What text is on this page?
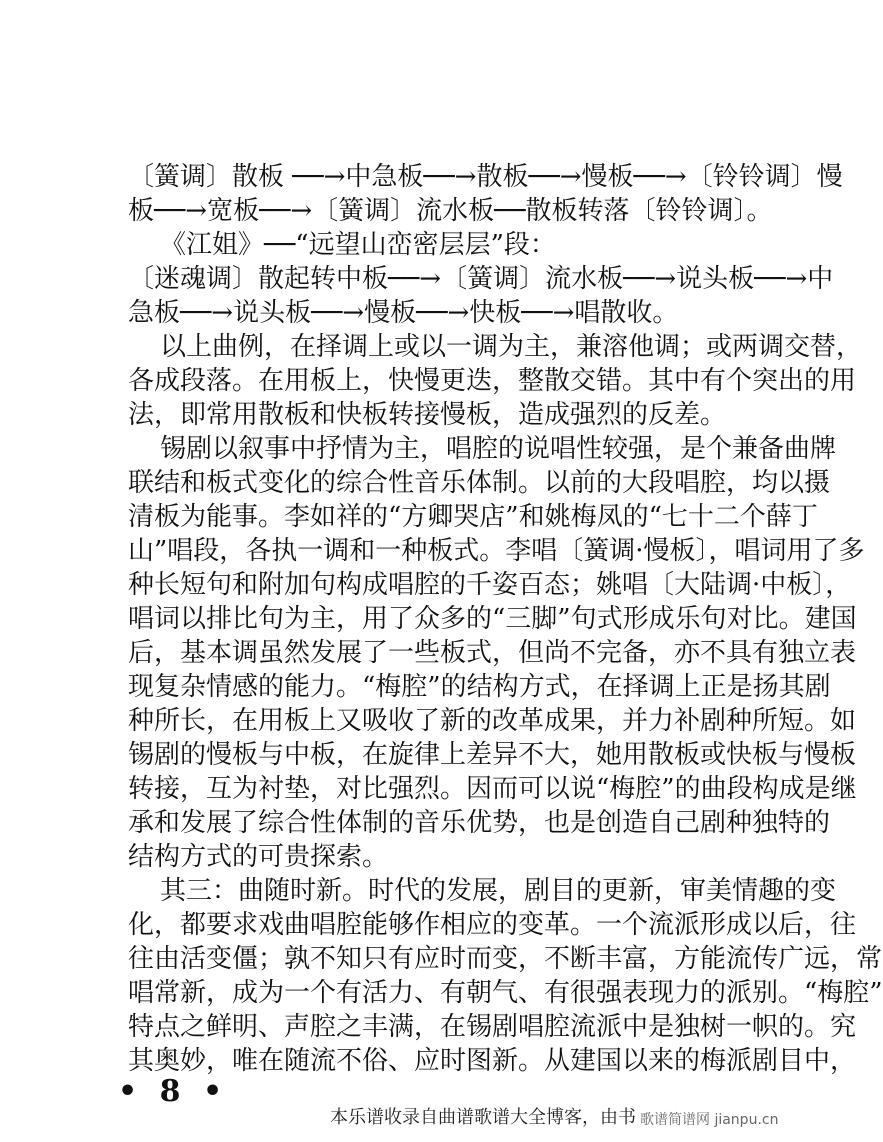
〔簧调〕散板 ──→中急板──→散板──→慢板──→〔铃铃调〕慢
板──→宽板──→〔簧调〕流水板──散板转落〔铃铃调〕。
《江姐》──“远望山峦密层层”段：
〔迷魂调〕散起转中板──→〔簧调〕流水板──→说头板──→中
急板──→说头板──→慢板──→快板──→唱散收。
以上曲例，在择调上或以一调为主，兼溶他调；或两调交替，
各成段落。在用板上，快慢更迭，整散交错。其中有个突出的用
法，即常用散板和快板转接慢板，造成强烈的反差。
锡剧以叙事中抒情为主，唱腔的说唱性较强，是个兼备曲牌
联结和板式变化的综合性音乐体制。以前的大段唱腔，均以摄
清板为能事。李如祥的“方卿哭店”和姚梅凤的“七十二个薛丁
山”唱段，各执一调和一种板式。李唱〔簧调·慢板〕，唱词用了多
种长短句和附加句构成唱腔的千姿百态；姚唱〔大陆调·中板〕，
唱词以排比句为主，用了众多的“三脚”句式形成乐句对比。建国
后，基本调虽然发展了一些板式，但尚不完备，亦不具有独立表
现复杂情感的能力。“梅腔”的结构方式，在择调上正是扬其剧
种所长，在用板上又吸收了新的改革成果，并力补剧种所短。如
锡剧的慢板与中板，在旋律上差异不大，她用散板或快板与慢板
转接，互为衬垫，对比强烈。因而可以说“梅腔”的曲段构成是继
承和发展了综合性体制的音乐优势，也是创造自己剧种独特的
结构方式的可贵探索。
其三：曲随时新。时代的发展，剧目的更新，审美情趣的变
化，都要求戏曲唱腔能够作相应的变革。一个流派形成以后，往
往由活变僵；孰不知只有应时而变，不断丰富，方能流传广远，常
唱常新，成为一个有活力、有朝气、有很强表现力的派别。“梅腔”
特点之鲜明、声腔之丰满，在锡剧唱腔流派中是独树一帜的。究
其奥妙，唯在随流不俗、应时图新。从建国以来的梅派剧目中，
• 8 •
本乐谱收录自曲谱歌谱大全博客，由书 歌谱简谱网 jianpu.cn
